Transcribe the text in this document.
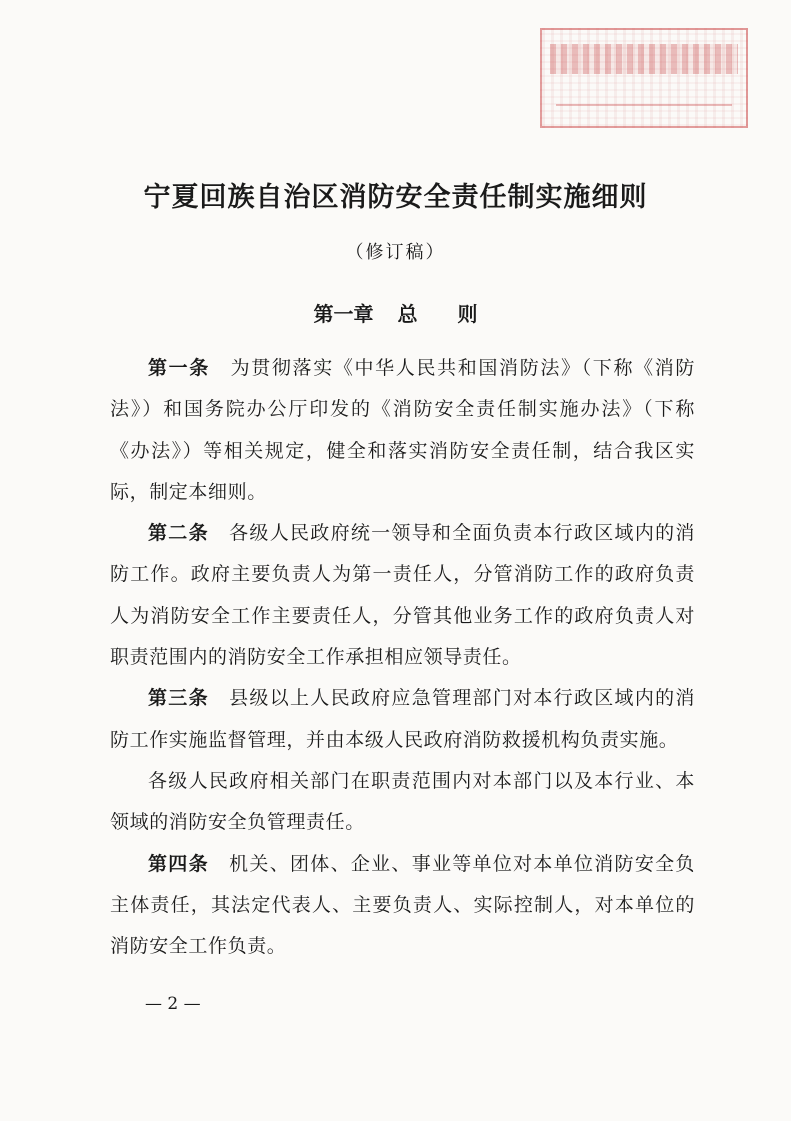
宁夏回族自治区消防安全责任制实施细则

（修订稿）

第一章 总 则

第一条　为贯彻落实《中华人民共和国消防法》（下称《消防法》）和国务院办公厅印发的《消防安全责任制实施办法》（下称《办法》）等相关规定，健全和落实消防安全责任制，结合我区实际，制定本细则。

第二条　各级人民政府统一领导和全面负责本行政区域内的消防工作。政府主要负责人为第一责任人，分管消防工作的政府负责人为消防安全工作主要责任人，分管其他业务工作的政府负责人对职责范围内的消防安全工作承担相应领导责任。

第三条　县级以上人民政府应急管理部门对本行政区域内的消防工作实施监督管理，并由本级人民政府消防救援机构负责实施。

各级人民政府相关部门在职责范围内对本部门以及本行业、本领域的消防安全负管理责任。

第四条　机关、团体、企业、事业等单位对本单位消防安全负主体责任，其法定代表人、主要负责人、实际控制人，对本单位的消防安全工作负责。

— 2 —
